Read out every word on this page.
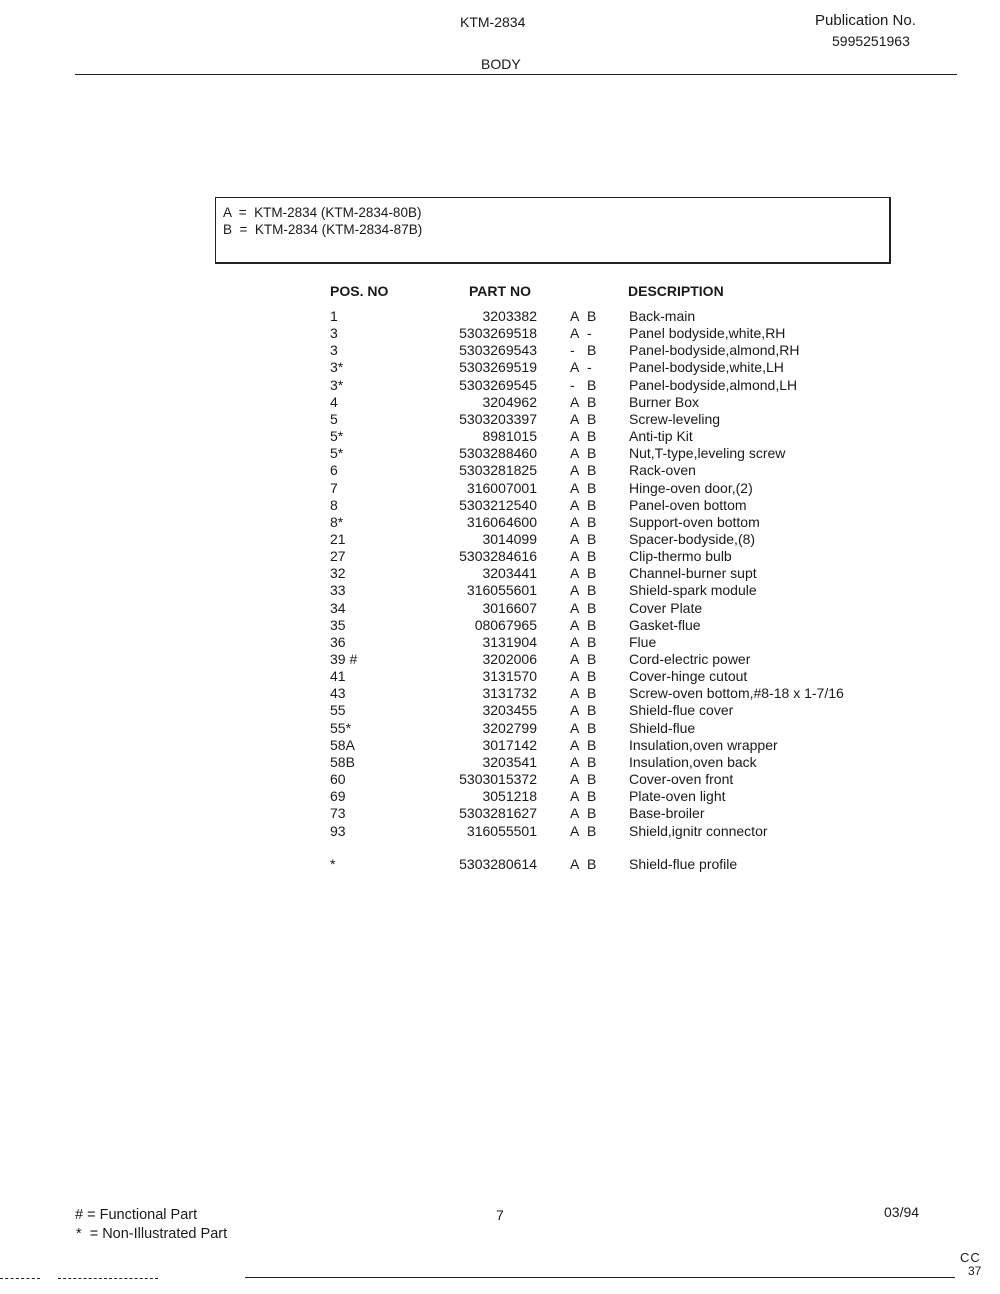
KTM-2834	Publication No.
5995251963
BODY
A  =  KTM-2834 (KTM-2834-80B)
B  =  KTM-2834 (KTM-2834-87B)
POS. NO	PART NO	DESCRIPTION
1	3203382 A B Back-main
3	5303269518 A -	Panel bodyside,white,RH
3	5303269543 - B Panel-bodyside,almond,RH
3*	5303269519 A -	Panel-bodyside,white,LH
3*	5303269545 - B Panel-bodyside,almond,LH
4	3204962 A B Burner Box
5	5303203397 A B Screw-leveling
5*	8981015 A B Anti-tip Kit
5*	5303288460 A B Nut,T-type,leveling screw
6	5303281825 A B Rack-oven
7	316007001 A B Hinge-oven door,(2)
8	5303212540 A B Panel-oven bottom
8*	316064600 A B Support-oven bottom
21	3014099 A B Spacer-bodyside,(8)
27	5303284616 A B Clip-thermo bulb
32	3203441 A B Channel-burner supt
33	316055601 A B Shield-spark module
34	3016607 A B Cover Plate
35	08067965 A B Gasket-flue
36	3131904 A B Flue
39 #	3202006 A B Cord-electric power
41	3131570 A B Cover-hinge cutout
43	3131732 A B Screw-oven bottom,#8-18 x 1-7/16
55	3203455 A B Shield-flue cover
55*	3202799 A B Shield-flue
58A	3017142 A B Insulation,oven wrapper
58B	3203541 A B Insulation,oven back
60	5303015372 A B Cover-oven front
69	3051218 A B Plate-oven light
73	5303281627 A B Base-broiler
93	316055501 A B Shield,ignitr connector
*	5303280614 A B Shield-flue profile
# = Functional Part
*  = Non-Illustrated Part
7	03/94
CC
37
